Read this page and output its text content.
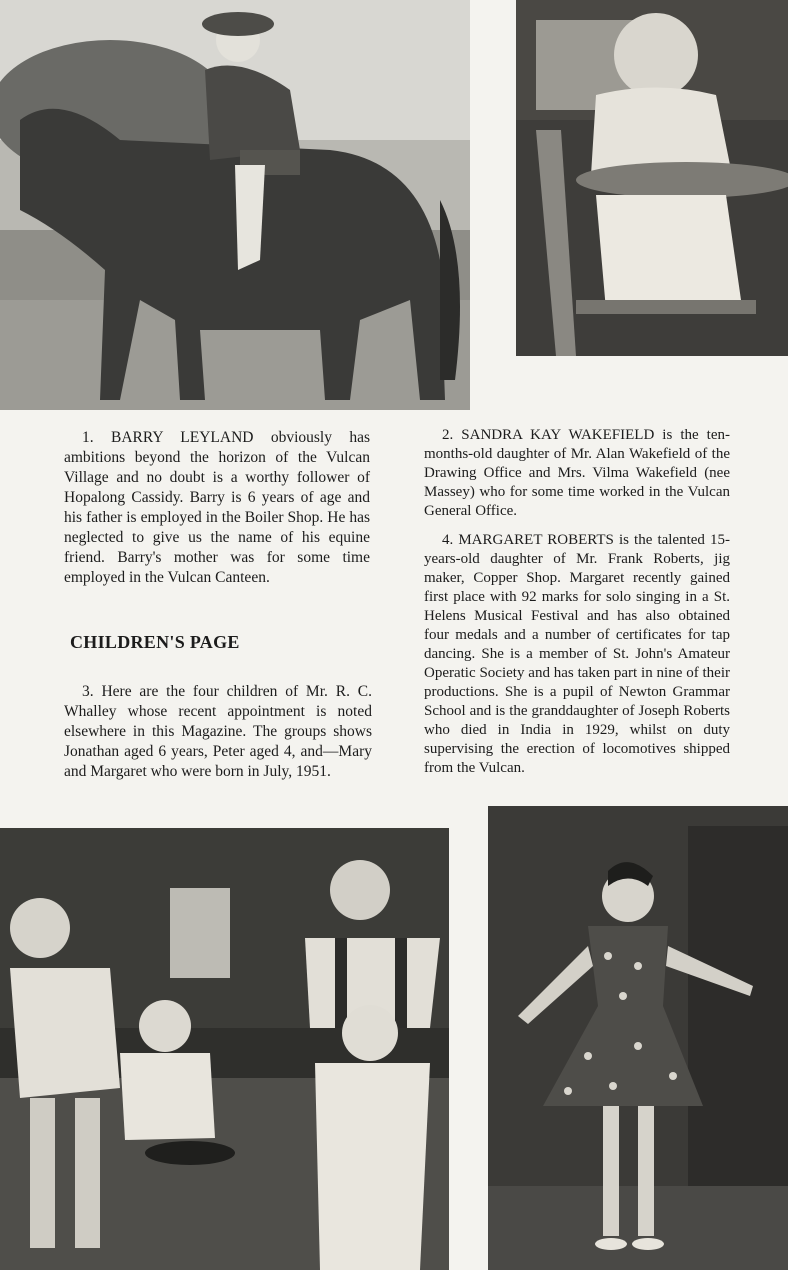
1. BARRY LEYLAND obviously has ambitions beyond the horizon of the Vulcan Village and no doubt is a worthy follower of Hopalong Cassidy. Barry is 6 years of age and his father is employed in the Boiler Shop. He has neglected to give us the name of his equine friend. Barry's mother was for some time employed in the Vulcan Canteen.

CHILDREN'S PAGE

3. Here are the four children of Mr. R. C. Whalley whose recent appointment is noted elsewhere in this Magazine. The groups shows Jonathan aged 6 years, Peter aged 4, and—Mary and Margaret who were born in July, 1951.

2. SANDRA KAY WAKEFIELD is the ten-months-old daughter of Mr. Alan Wakefield of the Drawing Office and Mrs. Vilma Wakefield (nee Massey) who for some time worked in the Vulcan General Office.

4. MARGARET ROBERTS is the talented 15-years-old daughter of Mr. Frank Roberts, jig maker, Copper Shop. Margaret recently gained first place with 92 marks for solo singing in a St. Helens Musical Festival and has also obtained four medals and a number of certificates for tap dancing. She is a member of St. John's Amateur Operatic Society and has taken part in nine of their productions. She is a pupil of Newton Grammar School and is the granddaughter of Joseph Roberts who died in India in 1929, whilst on duty supervising the erection of locomotives shipped from the Vulcan.
